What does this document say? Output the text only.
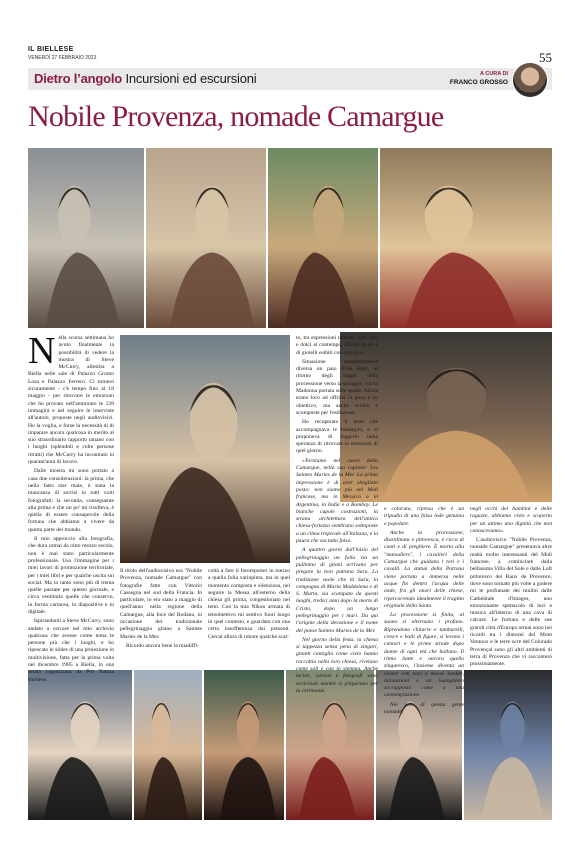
IL BIELLESE
VENERDÌ 27 FEBBRAIO 2023	55
Dietro l’angolo Incursioni ed escursioni	A CURA DI
FRANCO GROSSO
Nobile Provenza, nomade Camargue
N ella scorsa settimana ho avuto finalmente la possibilità di vedere la mostra di Steve McCurry, allestita a Biella nelle sale di Palazzo Gromo Losa e Palazzo Ferrero. Ci torneró sicuramente - c'è tempo fino al 18 maggio - per ritrovare le emozioni che ho provato nell'ammirare le 128 immagini e nel seguire le interviste all'autore, proposte negli audiovisivi. Ho la voglia, e forse la necessità di di imparare ancora qualcosa in merito al suo straordinario rapporto umano con i luoghi (splendidi e colte persone ritratti) che McCurry ha incontrato in quarant'anni di lavoro.

Dalle mostra mi sono portato a casa due considerazioni: la prima, che nella fatto star male, è stata la mancanza di sorrisi in tutti volti fotografati; la seconda, conseguente alla prima e che un po' mi risolleva, è quella di essere consapevole della fortuna che abbiamo a vivere da questa parte del mondo.

Il mio approccio alla fotografia, che dura ormai da oltre mezzo secolo, non è mai stato particolarmente professionale. Uso l'immagine per i miei lavori di promozione territoriale, per i miei libri e per qualche uscita sui social. Ma in tanto sono più di trenta quelle passate per questo giornale, e circa ventimila quelle che conservo, in forma cartacea, in diapositive e in digitale.

Ispirandomi a Steve McCurry, sono andato a cercare nel mio archivio qualcosa che avesse come tema le persone più che i luoghi, e ho ripescato le slides di una proiezione in multivisione, fatta per la prima volta nel dicembre 1985 a Biella, in una serata organizzata da Pro Natura Biellese.

Il titolo dell'audiovisivo era "Nobile Provenza, nomade Camargue" con fotografie fatte con Vittorio Cassegna nel sud della Francia. In particolare, io ero stato a maggio di quell'anno nella regione della Camargue, alla foce del Rodano, in occasione del tradizionale pellegrinaggio gitano a Saintes Maries de la Mer.

Ricordo ancora bene la miadiffi-

coltà a fare il fotoreporter in mezzo a quella folla variopinta, ma in quel momento composta e silenziosa, nel seguire la Messa all'esterno della chiesa gli prima, congestionato nel tetto. Con la mia Nikon armata di teleobiettivo mi sentivo fuori luogo in quel contesto, e guardato con una certa insofferenza dai presenti. Cercai allora di rubare qualche scat-

to, tra espressioni intense, volti duri e dolci al contempo, riflessi di ori e di gioielli esibiti con orgoglio.

Situazione completamente diversa un paio d'ore dopo, al ritorno degli stagni della processione verso la spiaggia, con la Madonna portata sulle spalle. Allora erano loro ad offrirsi in posa a un obiettivo, ma anche sciolte e scomposte per l'esibizione.

Ho recuperato il testo che accompagnava le immagini, e vi proponeva di leggerlo nella speranza di ritrovare le emozioni di quel giorno.

«Torniamo nel cuore della Camargue, nella sua capitale: Les Saintes Maries de la Mer. La prima impressione è di aver sbagliato posto: non siamo più nel Midi francese, ma in Messico o in Argentina, in India e a Bombay. Le bianche cupole costruzioni, la strana architettura dell'antica chiesa-fortezza sembrano sottoposte a un clima tropicale all'italiana, e la paura che sia tutto falso.

A quattro giorni dall'inizio del pellegrinaggio un folla via un pullmino di gitani arrivano per pregare la loro patrona Sara. La tradizione vuole che là Sara, la compagna di Maria Maddalena e di S. Marta, sia scampata da questi luoghi, tredici anni dopo la morte di Cristo, dopo un lungo pellegrinaggio per i mari. Da qui l'origine della devozione e il nome del paese Saintes Maries de la Mer.

Nel giorno della festa, la chiesa si tappezza senza pena di zingari, gitanti cantiglia come cielo hanno raccoltia nella loro chiesa, rivelano come soli e con lo stemma. Anche turisti, curiosi e fotografi sono avvicinati mentre si preparano per la cerimonia

e colorata, ripresa che è un tripudio di una falsa lode genuina e popolare.

Anche la processione, disordinata e pittoresca, è ricca di canti e di preghiere. È morta alla "manadiers", i cavalieri della Camargue che guidano i tori e i cavalli. La statua della Patrona viene portata a immersa nelle acque fin dentro l'acqua delle onde, fra gli onori delle chiese, ripercorrendo idealmente il tragitto originale della Santa.

La processione si finita, al suono si alternano i profano. Riprendono chitarre e tamburelli, cresce e balli di figure, si levano i cantori e le prime strade dopo donne di ogni età che ballano. Il ritmo batte e ancora quello zingaresco, l'insieme diventa un vivace con voci e mosse inedite, intonazioni e un lusinghiero sovrapposto come a una contemplazione.

Nei volti di questa gente nomade,

negli occhi dei bambini e delle ragazze, abbiamo visto e scoperto per un attimo una dignità che non conoscevamo».

L'audiovisivo "Nobile Provenza, nomade Camargue" presentava altre realtà molto interessanti del Midi francese, a cominciare dalla bellissima Villa del Sole e dalle Loft pittoresco dei Baux de Provence, dove sono tornato più volte a godere mi le profumate dei mulini dalle Cathédrale d'Images, uno emozionante spettacolo di luci e musica all'interno di una cava di calcare. Le fortuna e delle sue grandi città d'Europa ormai sono bei ricordi tra i dintorni del Mont Ventoux e le terre ocre del Colorado Provençal sono gli altri ambienti di terra di Provenza che vi racconterò prossimamente.
